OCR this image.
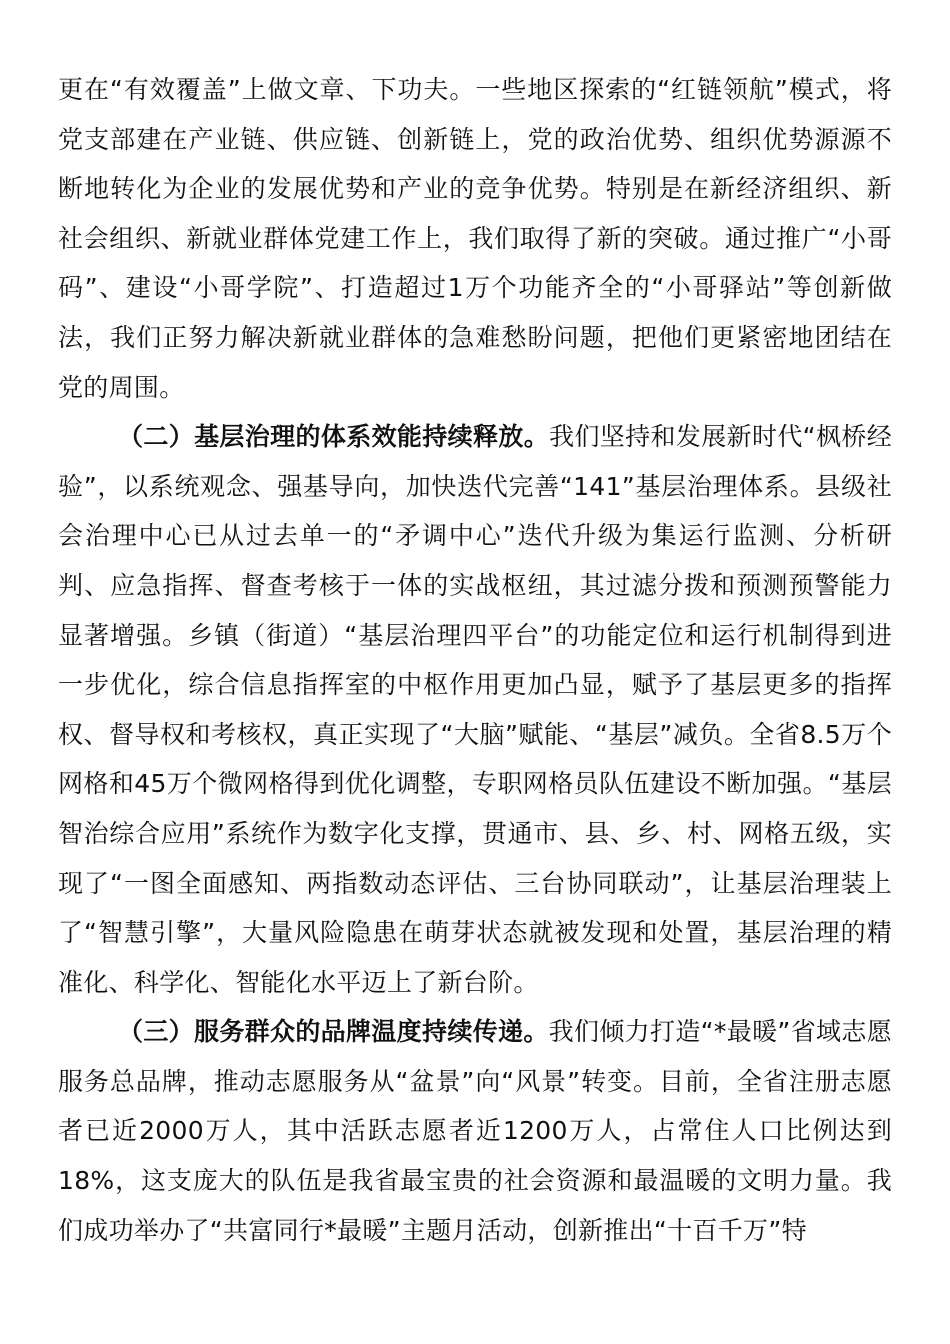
更在“有效覆盖”上做文章、下功夫。一些地区探索的“红链领航”模式，将党支部建在产业链、供应链、创新链上，党的政治优势、组织优势源源不断地转化为企业的发展优势和产业的竞争优势。特别是在新经济组织、新社会组织、新就业群体党建工作上，我们取得了新的突破。通过推广“小哥码”、建设“小哥学院”、打造超过1万个功能齐全的“小哥驿站”等创新做法，我们正努力解决新就业群体的急难愁盼问题，把他们更紧密地团结在党的周围。

（二）基层治理的体系效能持续释放。我们坚持和发展新时代“枫桥经验”，以系统观念、强基导向，加快迭代完善“141”基层治理体系。县级社会治理中心已从过去单一的“矛调中心”迭代升级为集运行监测、分析研判、应急指挥、督查考核于一体的实战枢纽，其过滤分拨和预测预警能力显著增强。乡镇（街道）“基层治理四平台”的功能定位和运行机制得到进一步优化，综合信息指挥室的中枢作用更加凸显，赋予了基层更多的指挥权、督导权和考核权，真正实现了“大脑”赋能、“基层”减负。全省8.5万个网格和45万个微网格得到优化调整，专职网格员队伍建设不断加强。“基层智治综合应用”系统作为数字化支撑，贯通市、县、乡、村、网格五级，实现了“一图全面感知、两指数动态评估、三台协同联动”，让基层治理装上了“智慧引擎”，大量风险隐患在萌芽状态就被发现和处置，基层治理的精准化、科学化、智能化水平迈上了新台阶。

（三）服务群众的品牌温度持续传递。我们倾力打造“*最暖”省域志愿服务总品牌，推动志愿服务从“盆景”向“风景”转变。目前，全省注册志愿者已近2000万人，其中活跃志愿者近1200万人，占常住人口比例达到18%，这支庞大的队伍是我省最宝贵的社会资源和最温暖的文明力量。我们成功举办了“共富同行*最暖”主题月活动，创新推出“十百千万”特
